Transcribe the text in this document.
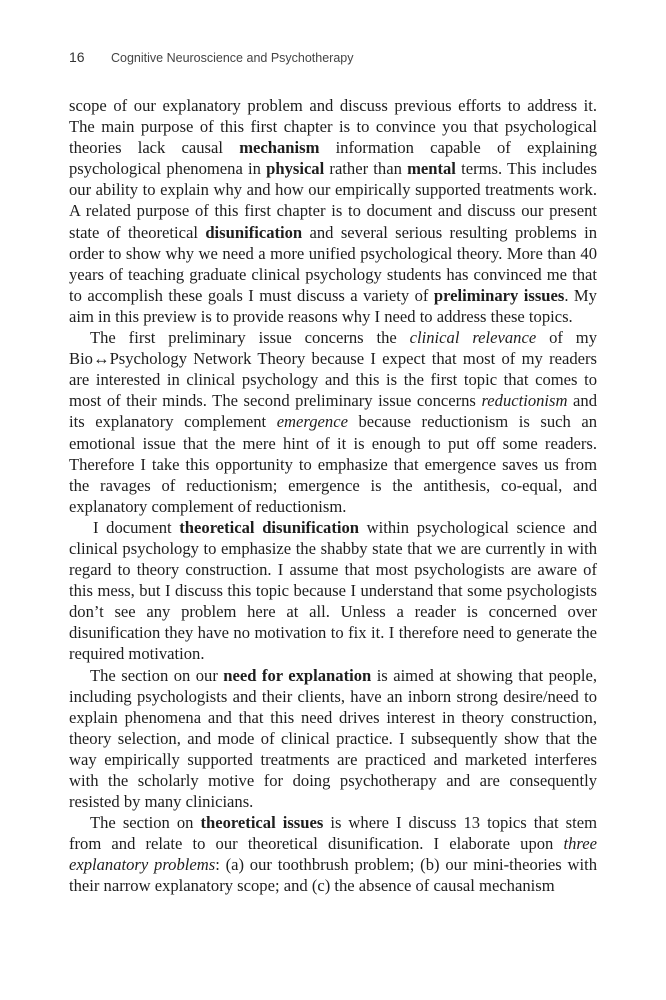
16	Cognitive Neuroscience and Psychotherapy

scope of our explanatory problem and discuss previous efforts to address it. The main purpose of this first chapter is to convince you that psychological theories lack causal mechanism information capable of explaining psychological phenomena in physical rather than mental terms. This includes our ability to explain why and how our empirically supported treatments work. A related purpose of this first chapter is to document and discuss our present state of theoretical disunification and several serious resulting problems in order to show why we need a more unified psychological theory. More than 40 years of teaching graduate clinical psychology students has convinced me that to accomplish these goals I must discuss a variety of preliminary issues. My aim in this preview is to provide reasons why I need to address these topics.

The first preliminary issue concerns the clinical relevance of my Bio↔Psychology Network Theory because I expect that most of my readers are interested in clinical psychology and this is the first topic that comes to most of their minds. The second preliminary issue concerns reductionism and its explanatory complement emergence because reductionism is such an emotional issue that the mere hint of it is enough to put off some readers. Therefore I take this opportunity to emphasize that emergence saves us from the ravages of reductionism; emergence is the antithesis, co-equal, and explanatory complement of reductionism.

I document theoretical disunification within psychological science and clinical psychology to emphasize the shabby state that we are currently in with regard to theory construction. I assume that most psychologists are aware of this mess, but I discuss this topic because I understand that some psychologists don’t see any problem here at all. Unless a reader is concerned over disunification they have no motivation to fix it. I therefore need to generate the required motivation.

The section on our need for explanation is aimed at showing that people, including psychologists and their clients, have an inborn strong desire/need to explain phenomena and that this need drives interest in theory construction, theory selection, and mode of clinical practice. I subsequently show that the way empirically supported treatments are practiced and marketed interferes with the scholarly motive for doing psychotherapy and are consequently resisted by many clinicians.

The section on theoretical issues is where I discuss 13 topics that stem from and relate to our theoretical disunification. I elaborate upon three explanatory problems: (a) our toothbrush problem; (b) our mini-theories with their narrow explanatory scope; and (c) the absence of causal mechanism
